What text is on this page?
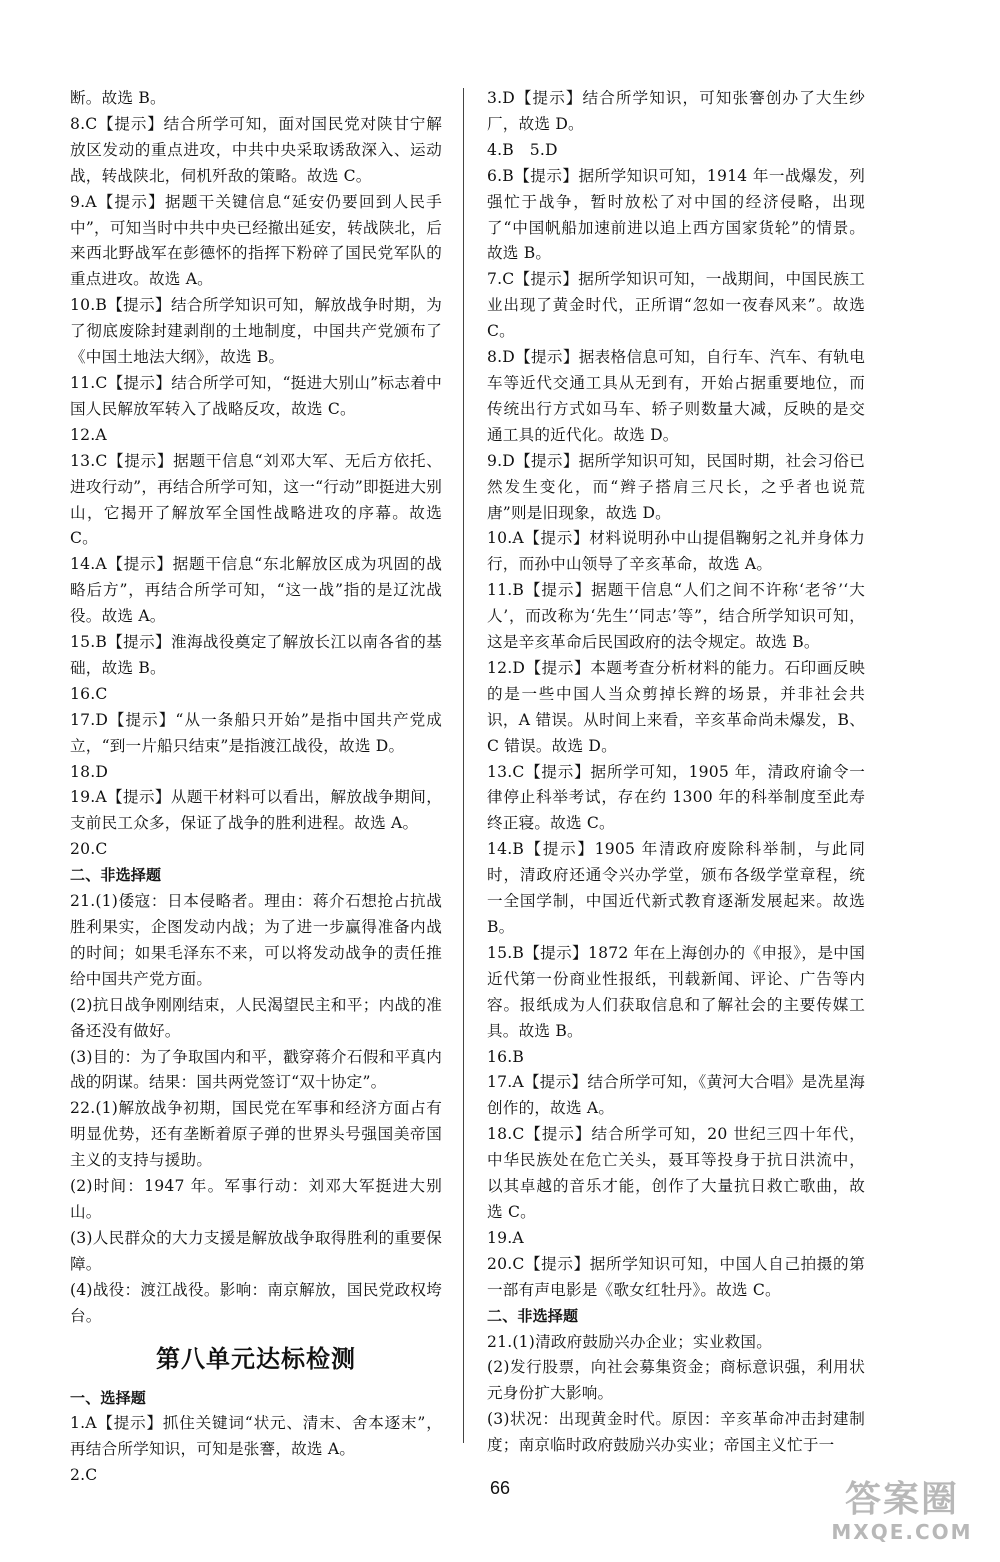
断。故选 B。

8.C【提示】结合所学可知，面对国民党对陕甘宁解放区发动的重点进攻，中共中央采取诱敌深入、运动战，转战陕北，伺机歼敌的策略。故选 C。

9.A【提示】据题干关键信息“延安仍要回到人民手中”，可知当时中共中央已经撤出延安，转战陕北，后来西北野战军在彭德怀的指挥下粉碎了国民党军队的重点进攻。故选 A。

10.B【提示】结合所学知识可知，解放战争时期，为了彻底废除封建剥削的土地制度，中国共产党颁布了《中国土地法大纲》，故选 B。

11.C【提示】结合所学可知，“挺进大别山”标志着中国人民解放军转入了战略反攻，故选 C。

12.A

13.C【提示】据题干信息“刘邓大军、无后方依托、进攻行动”，再结合所学可知，这一“行动”即挺进大别山，它揭开了解放军全国性战略进攻的序幕。故选 C。

14.A【提示】据题干信息“东北解放区成为巩固的战略后方”，再结合所学可知，“这一战”指的是辽沈战役。故选 A。

15.B【提示】淮海战役奠定了解放长江以南各省的基础，故选 B。

16.C

17.D【提示】“从一条船只开始”是指中国共产党成立，“到一片船只结束”是指渡江战役，故选 D。

18.D

19.A【提示】从题干材料可以看出，解放战争期间，支前民工众多，保证了战争的胜利进程。故选 A。

20.C

二、非选择题

21.(1)倭寇：日本侵略者。理由：蒋介石想抢占抗战胜利果实，企图发动内战；为了进一步赢得准备内战的时间；如果毛泽东不来，可以将发动战争的责任推给中国共产党方面。

(2)抗日战争刚刚结束，人民渴望民主和平；内战的准备还没有做好。

(3)目的：为了争取国内和平，戳穿蒋介石假和平真内战的阴谋。结果：国共两党签订“双十协定”。

22.(1)解放战争初期，国民党在军事和经济方面占有明显优势，还有垄断着原子弹的世界头号强国美帝国主义的支持与援助。

(2)时间：1947 年。军事行动：刘邓大军挺进大别山。

(3)人民群众的大力支援是解放战争取得胜利的重要保障。

(4)战役：渡江战役。影响：南京解放，国民党政权垮台。

第八单元达标检测

一、选择题

1.A【提示】抓住关键词“状元、清末、舍本逐末”，再结合所学知识，可知是张謇，故选 A。

2.C

3.D【提示】结合所学知识，可知张謇创办了大生纱厂，故选 D。

4.B　5.D

6.B【提示】据所学知识可知，1914 年一战爆发，列强忙于战争，暂时放松了对中国的经济侵略，出现了“中国帆船加速前进以追上西方国家货轮”的情景。故选 B。

7.C【提示】据所学知识可知，一战期间，中国民族工业出现了黄金时代，正所谓“忽如一夜春风来”。故选 C。

8.D【提示】据表格信息可知，自行车、汽车、有轨电车等近代交通工具从无到有，开始占据重要地位，而传统出行方式如马车、轿子则数量大减，反映的是交通工具的近代化。故选 D。

9.D【提示】据所学知识可知，民国时期，社会习俗已然发生变化，而“辫子搭肩三尺长，之乎者也说荒唐”则是旧现象，故选 D。

10.A【提示】材料说明孙中山提倡鞠躬之礼并身体力行，而孙中山领导了辛亥革命，故选 A。

11.B【提示】据题干信息“人们之间不许称‘老爷’‘大人’，而改称为‘先生’‘同志’等”，结合所学知识可知，这是辛亥革命后民国政府的法令规定。故选 B。

12.D【提示】本题考查分析材料的能力。石印画反映的是一些中国人当众剪掉长辫的场景，并非社会共识，A 错误。从时间上来看，辛亥革命尚未爆发，B、C 错误。故选 D。

13.C【提示】据所学可知，1905 年，清政府谕令一律停止科举考试，存在约 1300 年的科举制度至此寿终正寝。故选 C。

14.B【提示】1905 年清政府废除科举制，与此同时，清政府还通令兴办学堂，颁布各级学堂章程，统一全国学制，中国近代新式教育逐渐发展起来。故选 B。

15.B【提示】1872 年在上海创办的《申报》，是中国近代第一份商业性报纸，刊载新闻、评论、广告等内容。报纸成为人们获取信息和了解社会的主要传媒工具。故选 B。

16.B

17.A【提示】结合所学可知，《黄河大合唱》是冼星海创作的，故选 A。

18.C【提示】结合所学可知，20 世纪三四十年代，中华民族处在危亡关头，聂耳等投身于抗日洪流中，以其卓越的音乐才能，创作了大量抗日救亡歌曲，故选 C。

19.A

20.C【提示】据所学知识可知，中国人自己拍摄的第一部有声电影是《歌女红牡丹》。故选 C。

二、非选择题

21.(1)清政府鼓励兴办企业；实业救国。

(2)发行股票，向社会募集资金；商标意识强，利用状元身份扩大影响。

(3)状况：出现黄金时代。原因：辛亥革命冲击封建制度；南京临时政府鼓励兴办实业；帝国主义忙于一

66	答案圈
MXQE.COM
